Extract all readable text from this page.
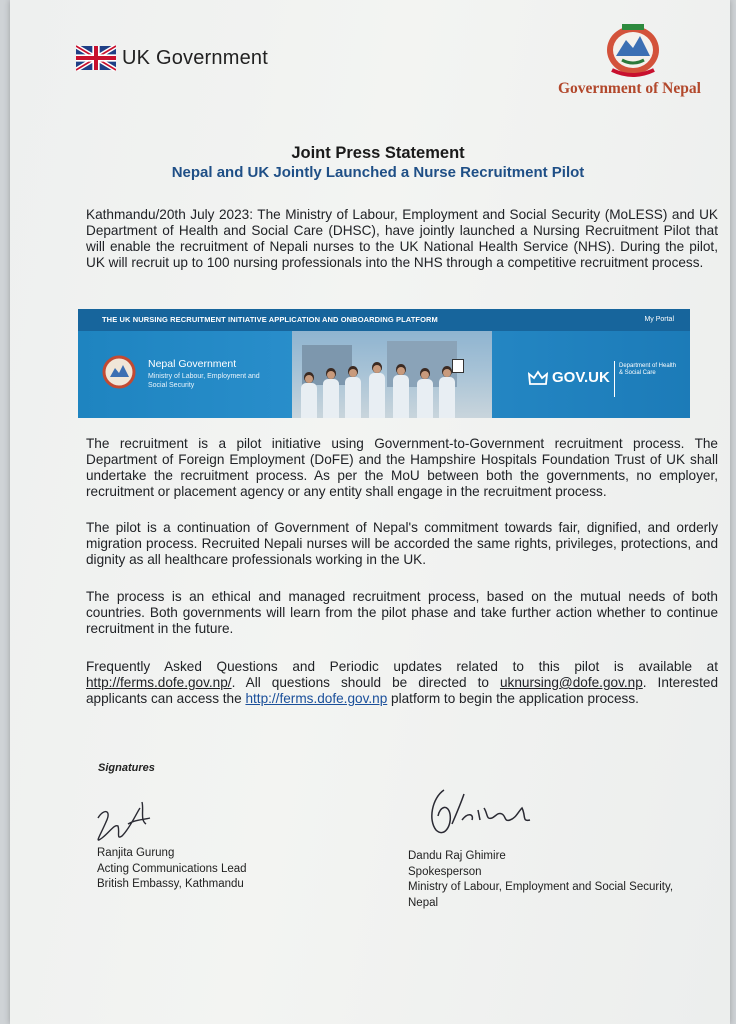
UK Government
Government of Nepal
Joint Press Statement
Nepal and UK Jointly Launched a Nurse Recruitment Pilot
Kathmandu/20th July 2023: The Ministry of Labour, Employment and Social Security (MoLESS) and UK Department of Health and Social Care (DHSC), have jointly launched a Nursing Recruitment Pilot that will enable the recruitment of Nepali nurses to the UK National Health Service (NHS). During the pilot, UK will recruit up to 100 nursing professionals into the NHS through a competitive recruitment process.
THE UK NURSING RECRUITMENT INITIATIVE APPLICATION AND ONBOARDING PLATFORM	My Portal
Nepal Government
Ministry of Labour, Employment and Social Security	GOV.UK
Department of Health & Social Care
The recruitment is a pilot initiative using Government-to-Government recruitment process. The Department of Foreign Employment (DoFE) and the Hampshire Hospitals Foundation Trust of UK shall undertake the recruitment process. As per the MoU between both the governments, no employer, recruitment or placement agency or any entity shall engage in the recruitment process.
The pilot is a continuation of Government of Nepal's commitment towards fair, dignified, and orderly migration process. Recruited Nepali nurses will be accorded the same rights, privileges, protections, and dignity as all healthcare professionals working in the UK.
The process is an ethical and managed recruitment process, based on the mutual needs of both countries. Both governments will learn from the pilot phase and take further action whether to continue recruitment in the future.
Frequently Asked Questions and Periodic updates related to this pilot is available at http://ferms.dofe.gov.np/. All questions should be directed to uknursing@dofe.gov.np. Interested applicants can access the http://ferms.dofe.gov.np platform to begin the application process.
Signatures
Ranjita Gurung
Acting Communications Lead
British Embassy, Kathmandu
Dandu Raj Ghimire
Spokesperson
Ministry of Labour, Employment and Social Security,
Nepal
